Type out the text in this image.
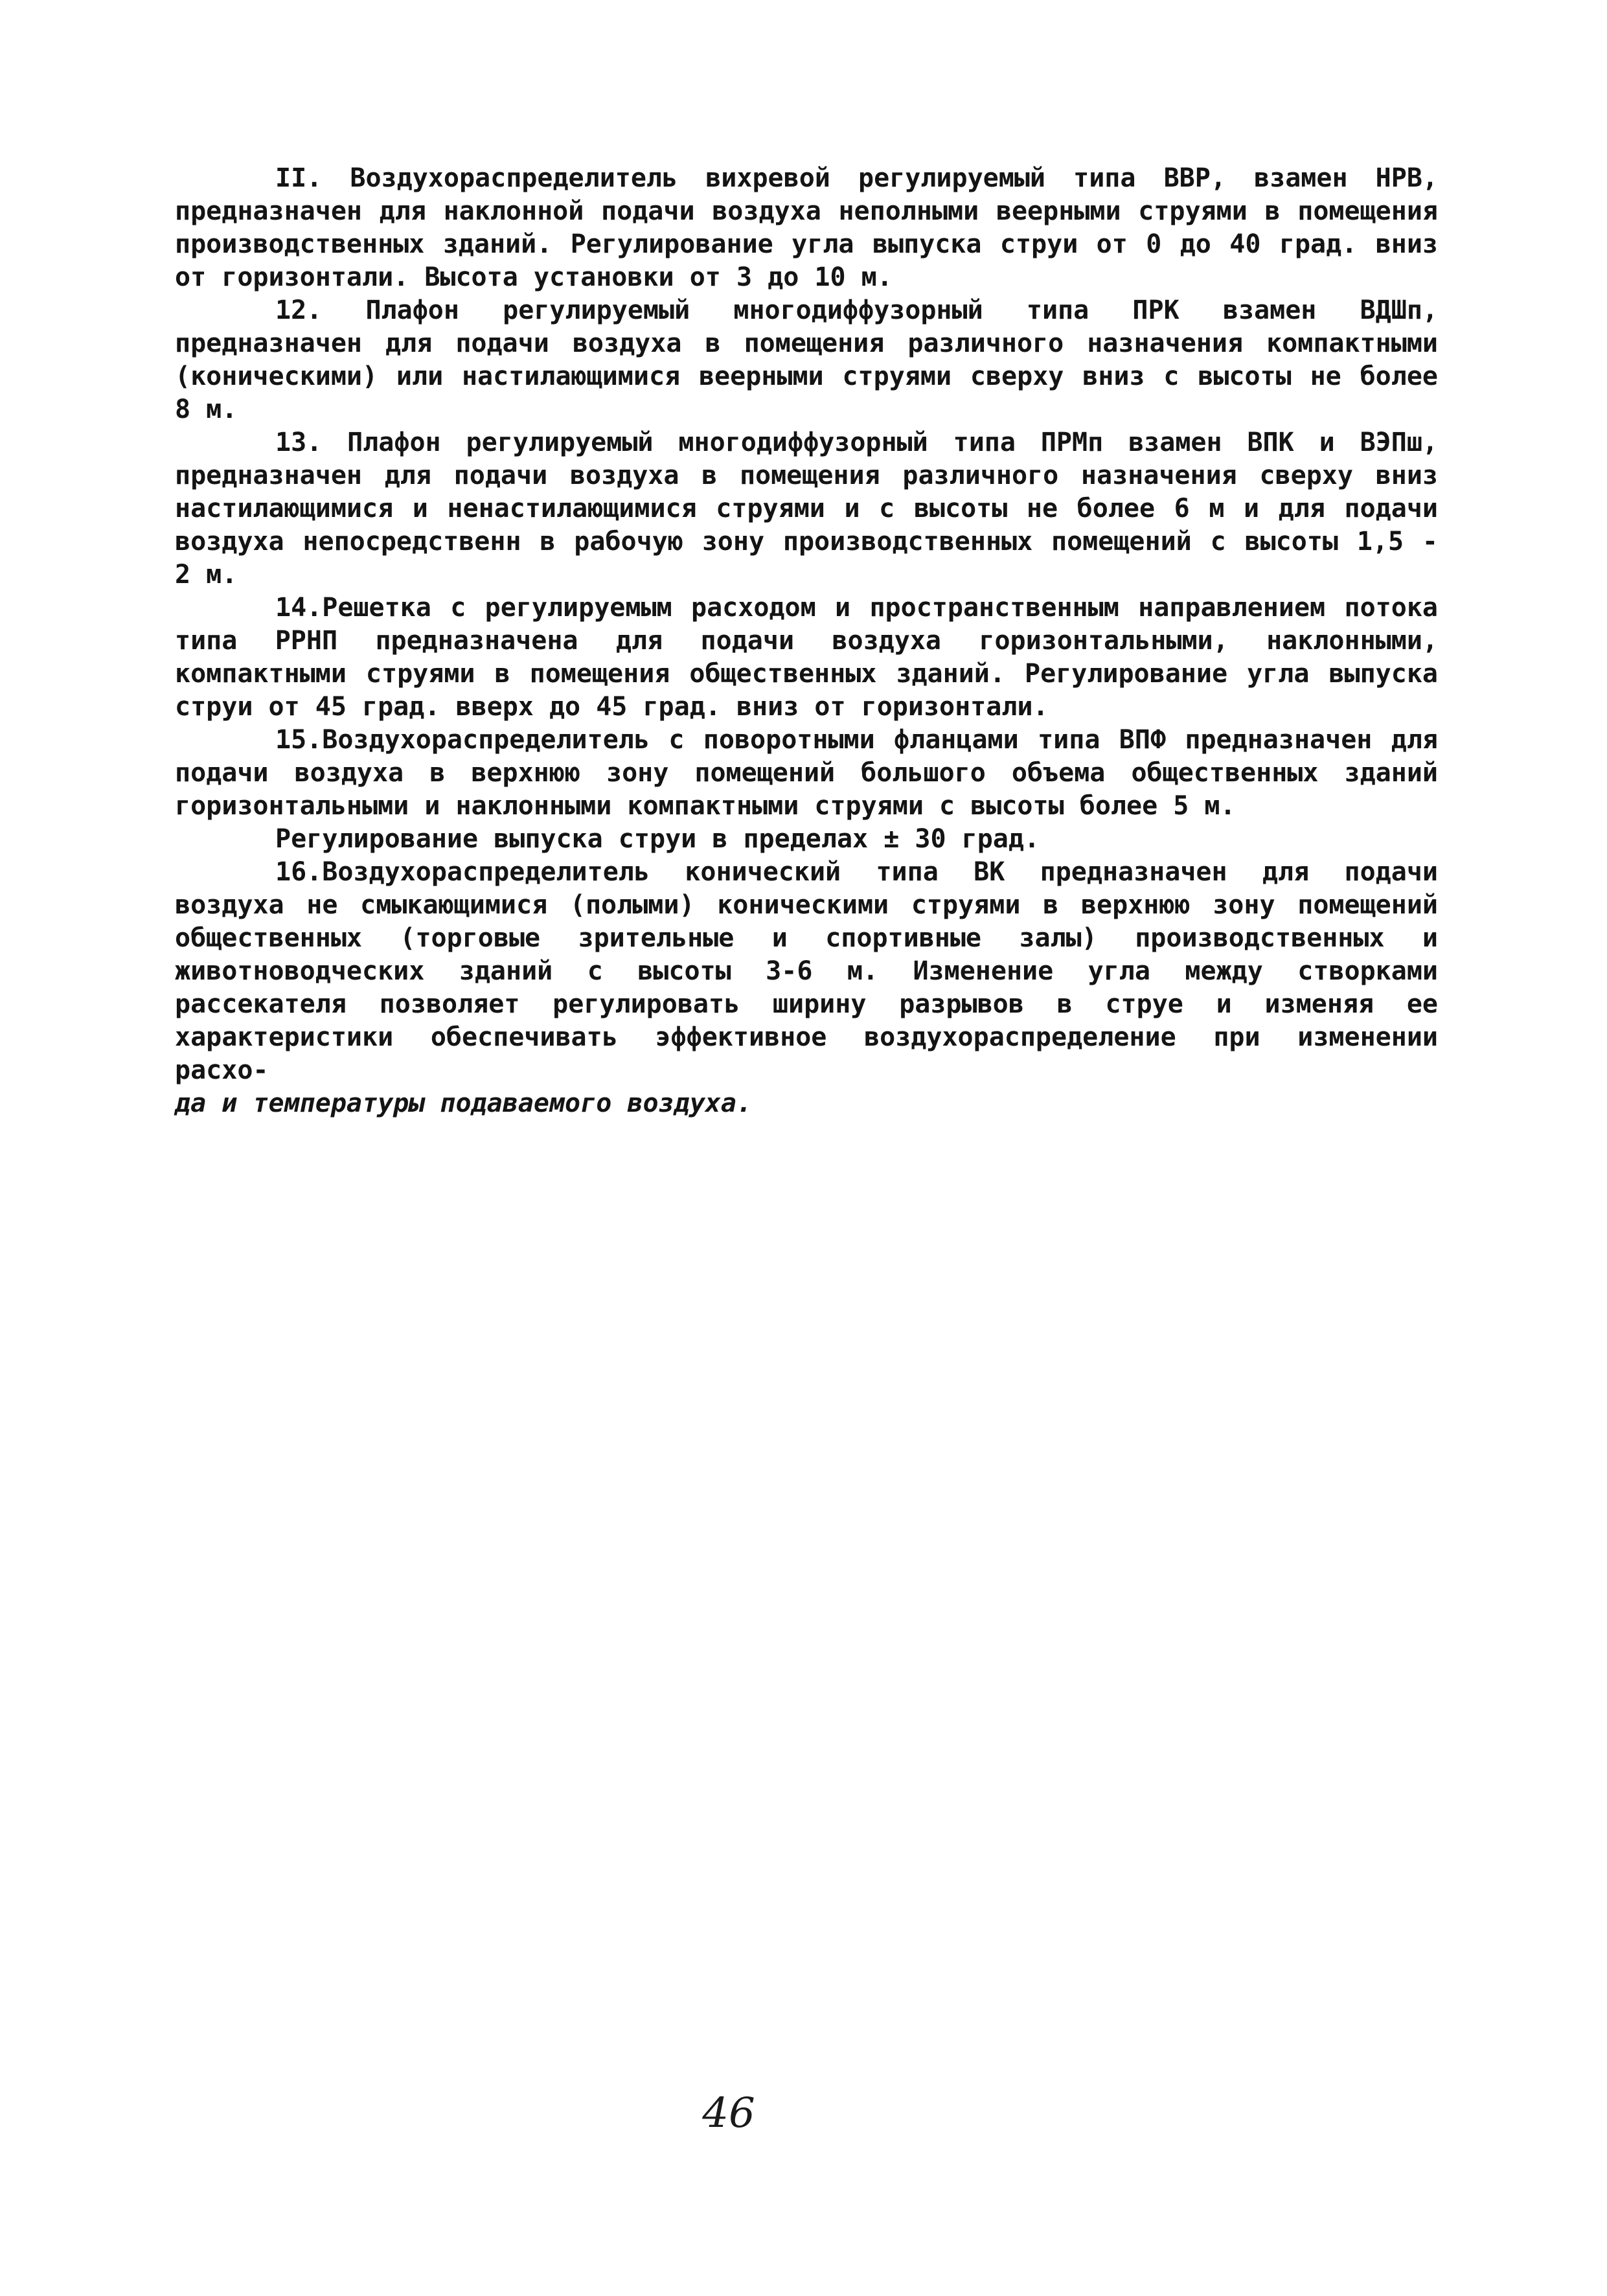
II. Воздухораспределитель вихревой регулируемый типа ВВР, взамен НРВ, предназначен для наклонной подачи воздуха неполными веерными струями в помещения производственных зданий. Регулирование угла выпуска струи от 0 до 40 град. вниз от горизонтали. Высота установки от 3 до 10 м.

12. Плафон регулируемый многодиффузорный типа ПРК взамен ВДШп, предназначен для подачи воздуха в помещения различного назначения компактными (коническими) или настилающимися веерными струями сверху вниз с высоты не более 8 м.

13. Плафон регулируемый многодиффузорный типа ПРМп взамен ВПК и ВЭПш, предназначен для подачи воздуха в помещения различного назначения сверху вниз настилающимися и ненастилающимися струями и с высоты не более 6 м и для подачи воздуха непосредственн в рабочую зону производственных помещений с высоты 1,5 - 2 м.

14.Решетка с регулируемым расходом и пространственным направлением потока типа РРНП предназначена для подачи воздуха горизонтальными, наклонными, компактными струями в помещения общественных зданий. Регулирование угла выпуска струи от 45 град. вверх до 45 град. вниз от горизонтали.

15.Воздухораспределитель с поворотными фланцами типа ВПФ предназначен для подачи воздуха в верхнюю зону помещений большого объема общественных зданий горизонтальными и наклонными компактными струями с высоты более 5 м.

Регулирование выпуска струи в пределах ± 30 град.

16.Воздухораспределитель конический типа ВК предназначен для подачи воздуха не смыкающимися (полыми) коническими струями в верхнюю зону помещений общественных (торговые зрительные и спортивные залы) производственных и животноводческих зданий с высоты 3-6 м. Изменение угла между створками рассекателя позволяет регулировать ширину разрывов в струе и изменяя ее характеристики обеспечивать эффективное воздухораспределение при изменении расхо-
да и температуры подаваемого воздуха.

46
